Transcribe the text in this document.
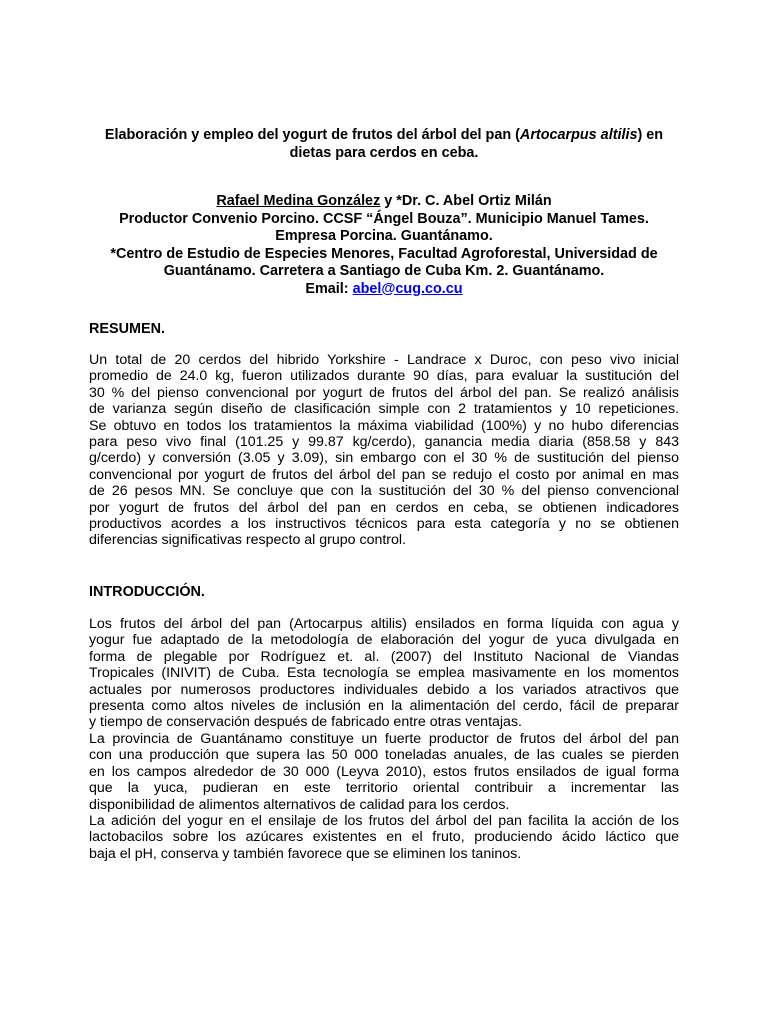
Elaboración y empleo del yogurt de frutos del árbol del pan (Artocarpus altilis) en
dietas para cerdos en ceba.
Rafael Medina González y *Dr. C. Abel Ortiz Milán
Productor Convenio Porcino. CCSF “Ángel Bouza”. Municipio Manuel Tames.
Empresa Porcina. Guantánamo.
*Centro de Estudio de Especies Menores, Facultad Agroforestal, Universidad de
Guantánamo. Carretera a Santiago de Cuba Km. 2. Guantánamo.
Email: abel@cug.co.cu
RESUMEN.
Un total de 20 cerdos del hibrido Yorkshire - Landrace x Duroc, con peso vivo inicial
promedio de 24.0 kg, fueron utilizados durante 90 días, para evaluar la sustitución del
30 % del pienso convencional por yogurt de frutos del árbol del pan. Se realizó análisis
de varianza según diseño de clasificación simple con 2 tratamientos y 10 repeticiones.
Se obtuvo en todos los tratamientos la máxima viabilidad (100%) y no hubo diferencias
para peso vivo final (101.25 y 99.87 kg/cerdo), ganancia media diaria (858.58 y 843
g/cerdo) y conversión (3.05 y 3.09), sin embargo con el 30 % de sustitución del pienso
convencional por yogurt de frutos del árbol del pan se redujo el costo por animal en mas
de 26 pesos MN. Se concluye que con la sustitución del 30 % del pienso convencional
por yogurt de frutos del árbol del pan en cerdos en ceba, se obtienen indicadores
productivos acordes a los instructivos técnicos para esta categoría y no se obtienen
diferencias significativas respecto al grupo control.
INTRODUCCIÓN.
Los frutos del árbol del pan (Artocarpus altilis) ensilados en forma líquida con agua y
yogur fue adaptado de la metodología de elaboración del yogur de yuca divulgada en
forma de plegable por Rodríguez et. al. (2007) del Instituto Nacional de Viandas
Tropicales (INIVIT) de Cuba. Esta tecnología se emplea masivamente en los momentos
actuales por numerosos productores individuales debido a los variados atractivos que
presenta como altos niveles de inclusión en la alimentación del cerdo, fácil de preparar
y tiempo de conservación después de fabricado entre otras ventajas.
La provincia de Guantánamo constituye un fuerte productor de frutos del árbol del pan
con una producción que supera las 50 000 toneladas anuales, de las cuales se pierden
en los campos alrededor de 30 000 (Leyva 2010), estos frutos ensilados de igual forma
que la yuca, pudieran en este territorio oriental contribuir a incrementar las
disponibilidad de alimentos alternativos de calidad para los cerdos.
La adición del yogur en el ensilaje de los frutos del árbol del pan facilita la acción de los
lactobacilos sobre los azúcares existentes en el fruto, produciendo ácido láctico que
baja el pH, conserva y también favorece que se eliminen los taninos.
